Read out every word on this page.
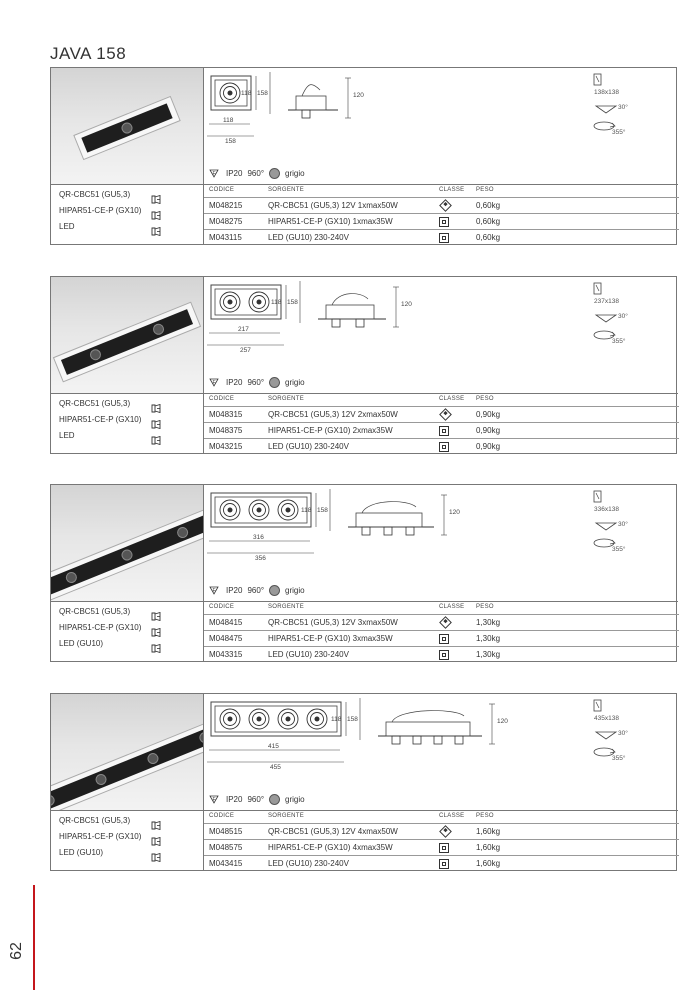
JAVA 158
F
118 158
118
158
120	138x138
30°
355°
IP20 960°	grigio
QR-CBC51 (GU5,3)
HIPAR51-CE-P (GX10)
LED
CODICE	SORGENTE	CLASSE PESO
M048215	QR-CBC51 (GU5,3) 12V 1xmax50W	0,60kg
M048275	HIPAR51-CE-P (GX10) 1xmax35W	0,60kg
M043115	LED (GU10) 230-240V	0,60kg
F
118 158
217
257
120	237x138
30°
355°
IP20 960°	grigio
QR-CBC51 (GU5,3)
HIPAR51-CE-P (GX10)
LED
CODICE	SORGENTE	CLASSE PESO
M048315	QR-CBC51 (GU5,3) 12V 2xmax50W	0,90kg
M048375	HIPAR51-CE-P (GX10) 2xmax35W	0,90kg
M043215	LED (GU10) 230-240V	0,90kg
F
118 158
316
356
120	336x138
30°
355°
IP20 960°	grigio
QR-CBC51 (GU5,3)
HIPAR51-CE-P (GX10)
LED (GU10)
CODICE	SORGENTE	CLASSE PESO
M048415	QR-CBC51 (GU5,3) 12V 3xmax50W	1,30kg
M048475	HIPAR51-CE-P (GX10) 3xmax35W	1,30kg
M043315	LED (GU10) 230-240V	1,30kg
F
118 158
415
455
120	435x138
30°
355°
IP20 960°	grigio
QR-CBC51 (GU5,3)
HIPAR51-CE-P (GX10)
LED (GU10)
CODICE	SORGENTE	CLASSE PESO
M048515	QR-CBC51 (GU5,3) 12V 4xmax50W	1,60kg
M048575	HIPAR51-CE-P (GX10) 4xmax35W	1,60kg
M043415	LED (GU10) 230-240V	1,60kg
62
